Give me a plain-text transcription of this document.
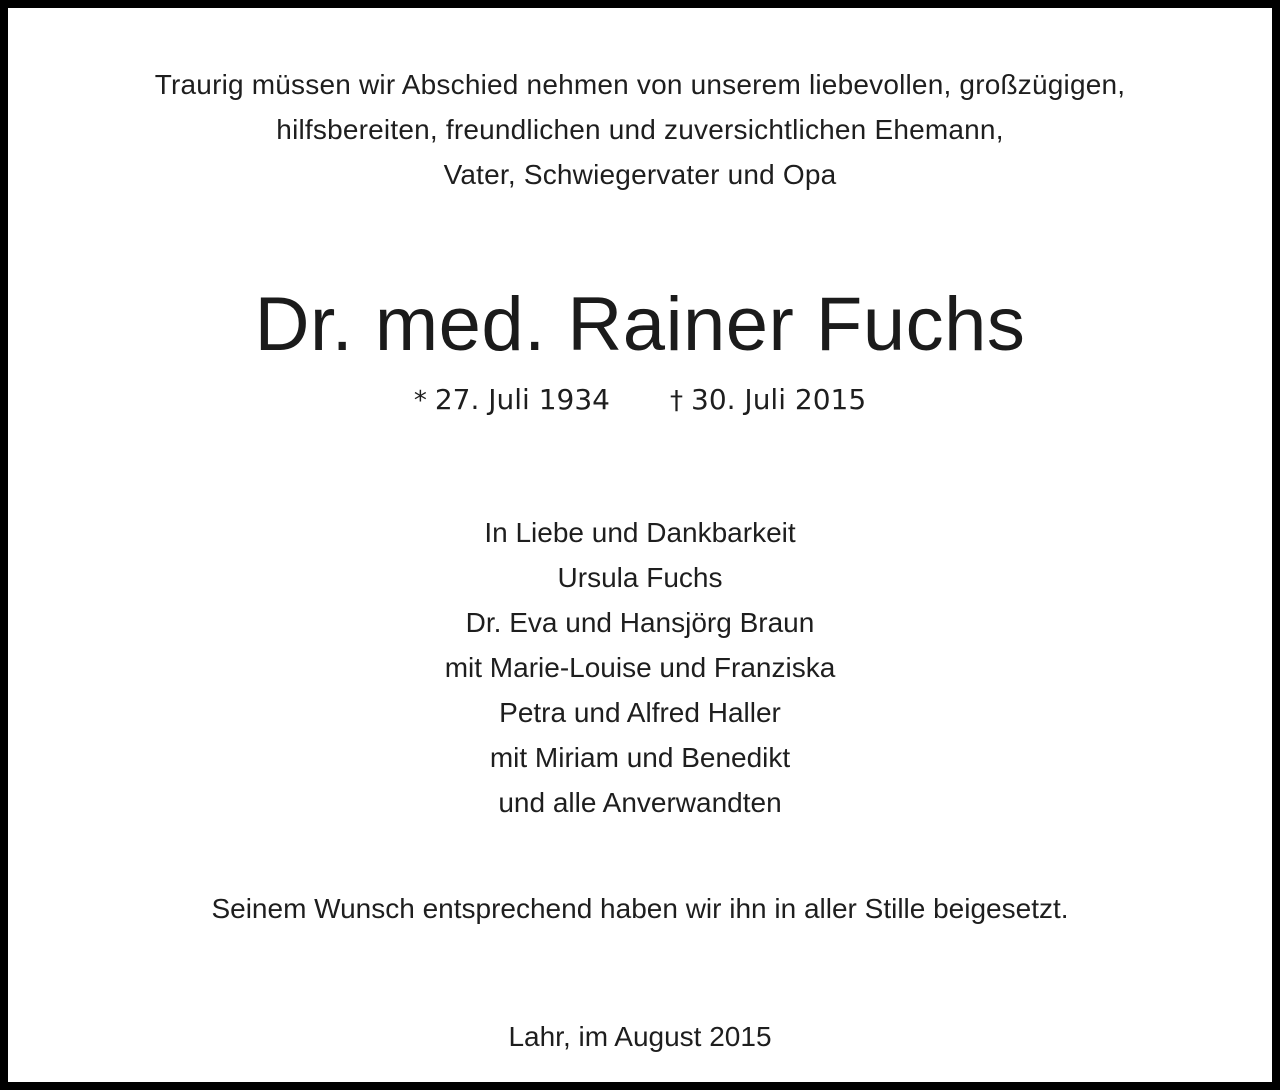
Traurig müssen wir Abschied nehmen von unserem liebevollen, großzügigen,
hilfsbereiten, freundlichen und zuversichtlichen Ehemann,
Vater, Schwiegervater und Opa
Dr. med. Rainer Fuchs
* 27. Juli 1934 † 30. Juli 2015
In Liebe und Dankbarkeit
Ursula Fuchs
Dr. Eva und Hansjörg Braun
mit Marie-Louise und Franziska
Petra und Alfred Haller
mit Miriam und Benedikt
und alle Anverwandten
Seinem Wunsch entsprechend haben wir ihn in aller Stille beigesetzt.
Lahr, im August 2015
